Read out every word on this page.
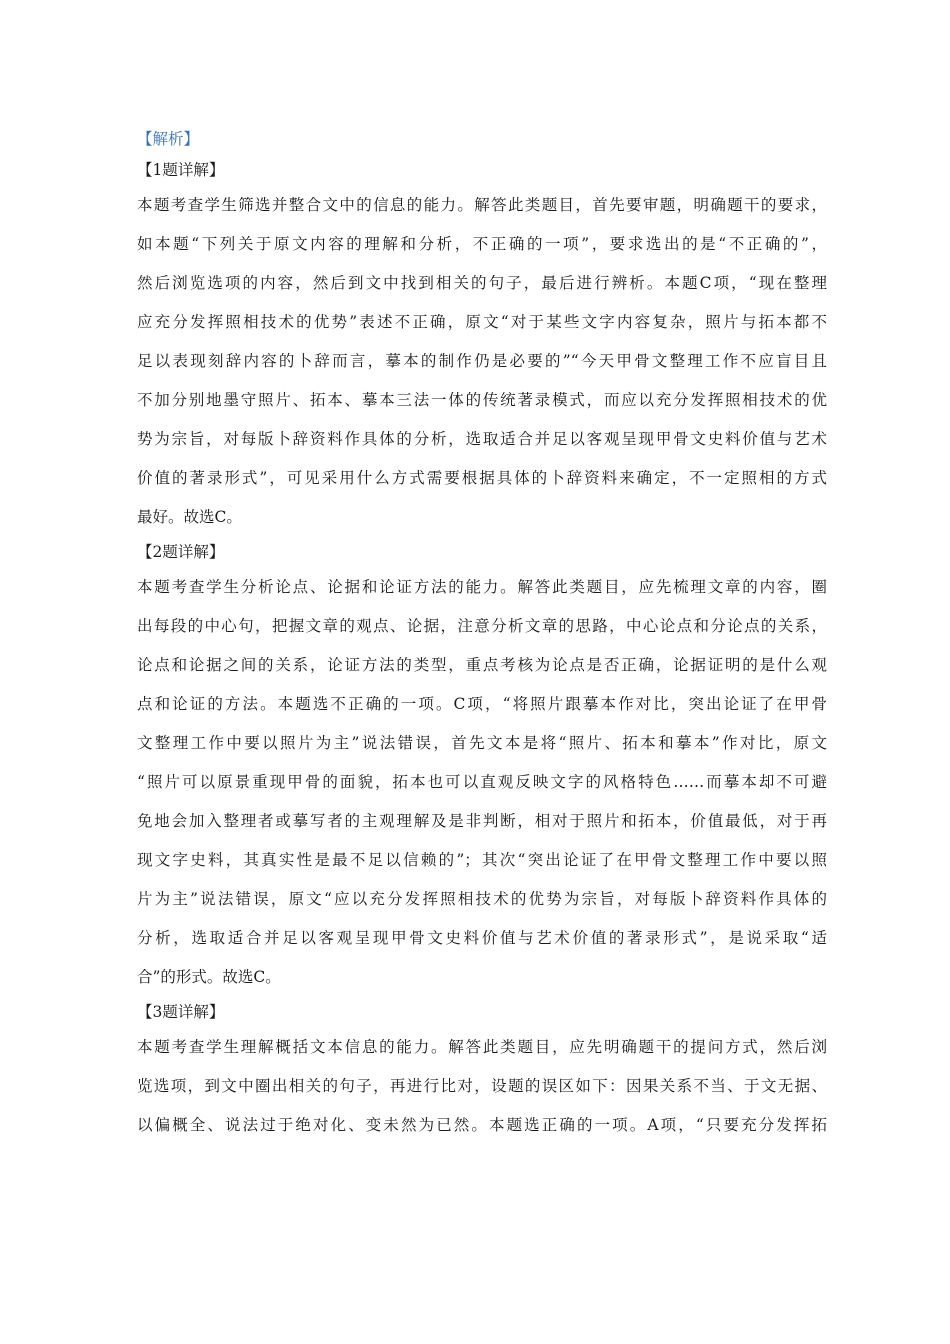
【解析】
【1题详解】
本题考查学生筛选并整合文中的信息的能力。解答此类题目，首先要审题，明确题干的要求，
如本题“下列关于原文内容的理解和分析，不正确的一项”，要求选出的是“不正确的”，
然后浏览选项的内容，然后到文中找到相关的句子，最后进行辨析。本题C项，“现在整理
应充分发挥照相技术的优势”表述不正确，原文“对于某些文字内容复杂，照片与拓本都不
足以表现刻辞内容的卜辞而言，摹本的制作仍是必要的”“今天甲骨文整理工作不应盲目且
不加分别地墨守照片、拓本、摹本三法一体的传统著录模式，而应以充分发挥照相技术的优
势为宗旨，对每版卜辞资料作具体的分析，选取适合并足以客观呈现甲骨文史料价值与艺术
价值的著录形式”，可见采用什么方式需要根据具体的卜辞资料来确定，不一定照相的方式
最好。故选C。
【2题详解】
本题考查学生分析论点、论据和论证方法的能力。解答此类题目，应先梳理文章的内容，圈
出每段的中心句，把握文章的观点、论据，注意分析文章的思路，中心论点和分论点的关系，
论点和论据之间的关系，论证方法的类型，重点考核为论点是否正确，论据证明的是什么观
点和论证的方法。本题选不正确的一项。C项，“将照片跟摹本作对比，突出论证了在甲骨
文整理工作中要以照片为主”说法错误，首先文本是将“照片、拓本和摹本”作对比，原文
“照片可以原景重现甲骨的面貌，拓本也可以直观反映文字的风格特色……而摹本却不可避
免地会加入整理者或摹写者的主观理解及是非判断，相对于照片和拓本，价值最低，对于再
现文字史料，其真实性是最不足以信赖的”；其次“突出论证了在甲骨文整理工作中要以照
片为主”说法错误，原文“应以充分发挥照相技术的优势为宗旨，对每版卜辞资料作具体的
分析，选取适合并足以客观呈现甲骨文史料价值与艺术价值的著录形式”，是说采取“适
合”的形式。故选C。
【3题详解】
本题考查学生理解概括文本信息的能力。解答此类题目，应先明确题干的提问方式，然后浏
览选项，到文中圈出相关的句子，再进行比对，设题的误区如下：因果关系不当、于文无据、
以偏概全、说法过于绝对化、变未然为已然。本题选正确的一项。A项，“只要充分发挥拓
